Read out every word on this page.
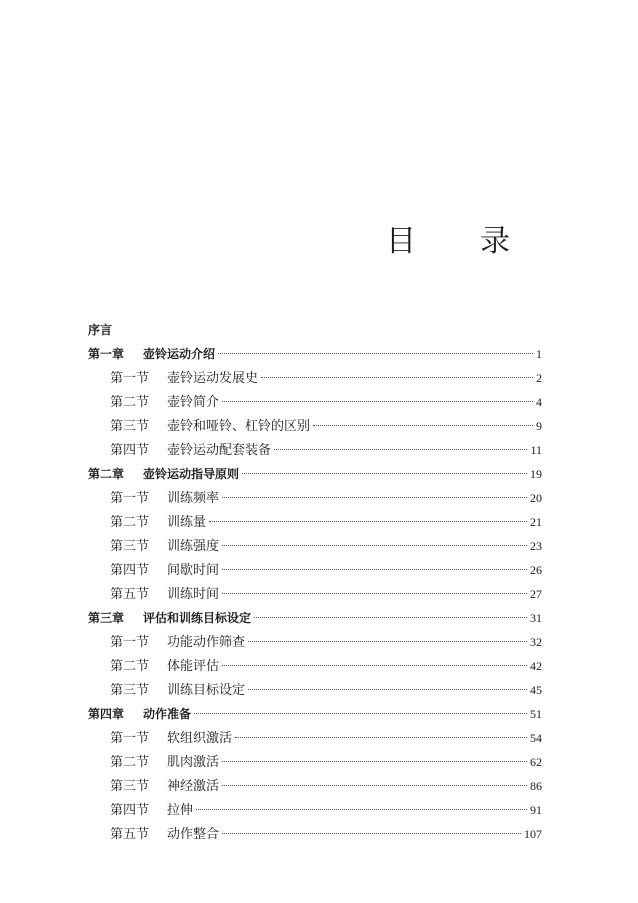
目 录
序言
第一章	壶铃运动介绍	1
第一节	壶铃运动发展史	2
第二节	壶铃简介	4
第三节	壶铃和哑铃、杠铃的区别	9
第四节	壶铃运动配套装备	11
第二章	壶铃运动指导原则	19
第一节	训练频率	20
第二节	训练量	21
第三节	训练强度	23
第四节	间歇时间	26
第五节	训练时间	27
第三章	评估和训练目标设定	31
第一节	功能动作筛查	32
第二节	体能评估	42
第三节	训练目标设定	45
第四章	动作准备	51
第一节	软组织激活	54
第二节	肌肉激活	62
第三节	神经激活	86
第四节	拉伸	91
第五节	动作整合	107
